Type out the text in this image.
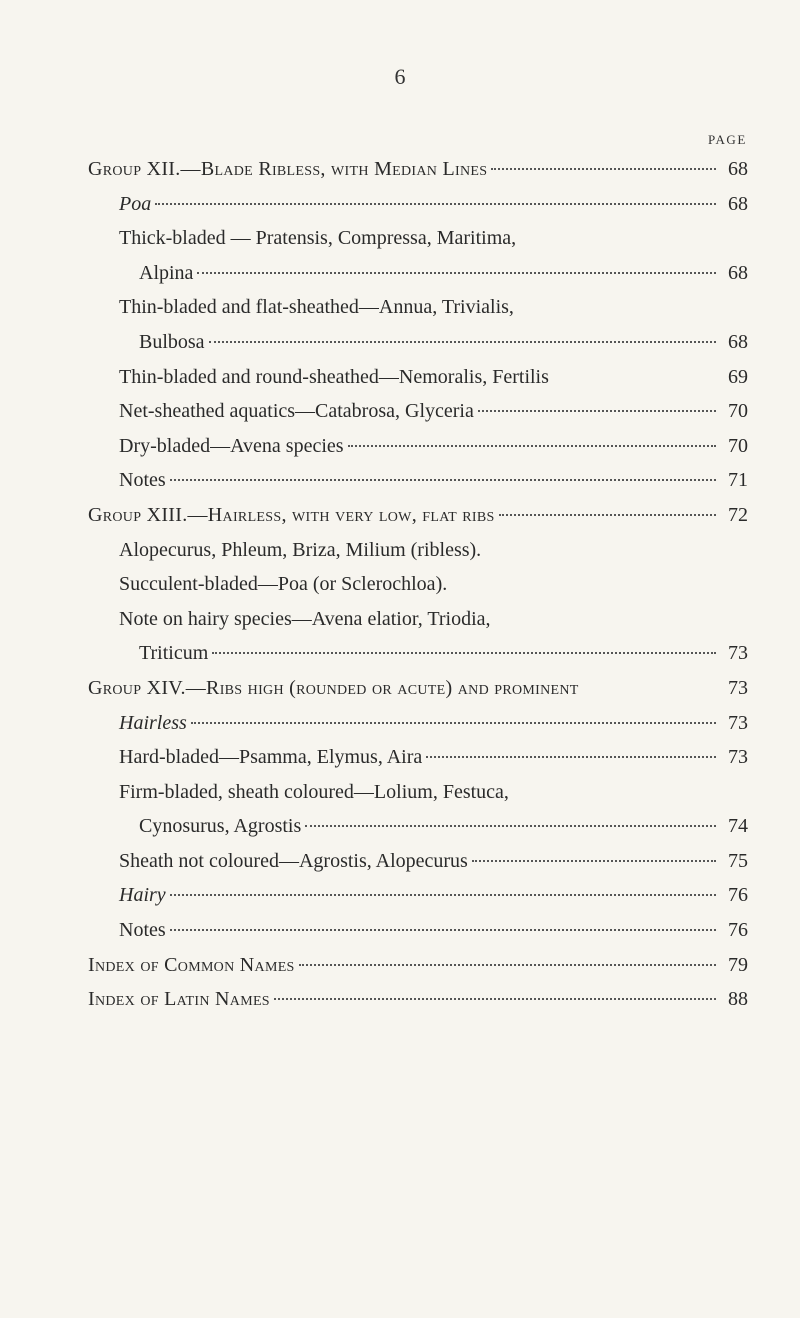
6
PAGE
Group XII.—Blade Ribless, with Median Lines	68
Poa	68
Thick-bladed — Pratensis, Compressa, Maritima,
Alpina	68
Thin-bladed and flat-sheathed—Annua, Trivialis,
Bulbosa	68
Thin-bladed and round-sheathed—Nemoralis, Fertilis	69
Net-sheathed aquatics—Catabrosa, Glyceria	70
Dry-bladed—Avena species	70
Notes	71
Group XIII.—Hairless, with very low, flat ribs	72
Alopecurus, Phleum, Briza, Milium (ribless).
Succulent-bladed—Poa (or Sclerochloa).
Note on hairy species—Avena elatior, Triodia,
Triticum	73
Group XIV.—Ribs high (rounded or acute) and prominent	73
Hairless	73
Hard-bladed—Psamma, Elymus, Aira	73
Firm-bladed, sheath coloured—Lolium, Festuca,
Cynosurus, Agrostis	74
Sheath not coloured—Agrostis, Alopecurus	75
Hairy	76
Notes	76
Index of Common Names	79
Index of Latin Names	88
